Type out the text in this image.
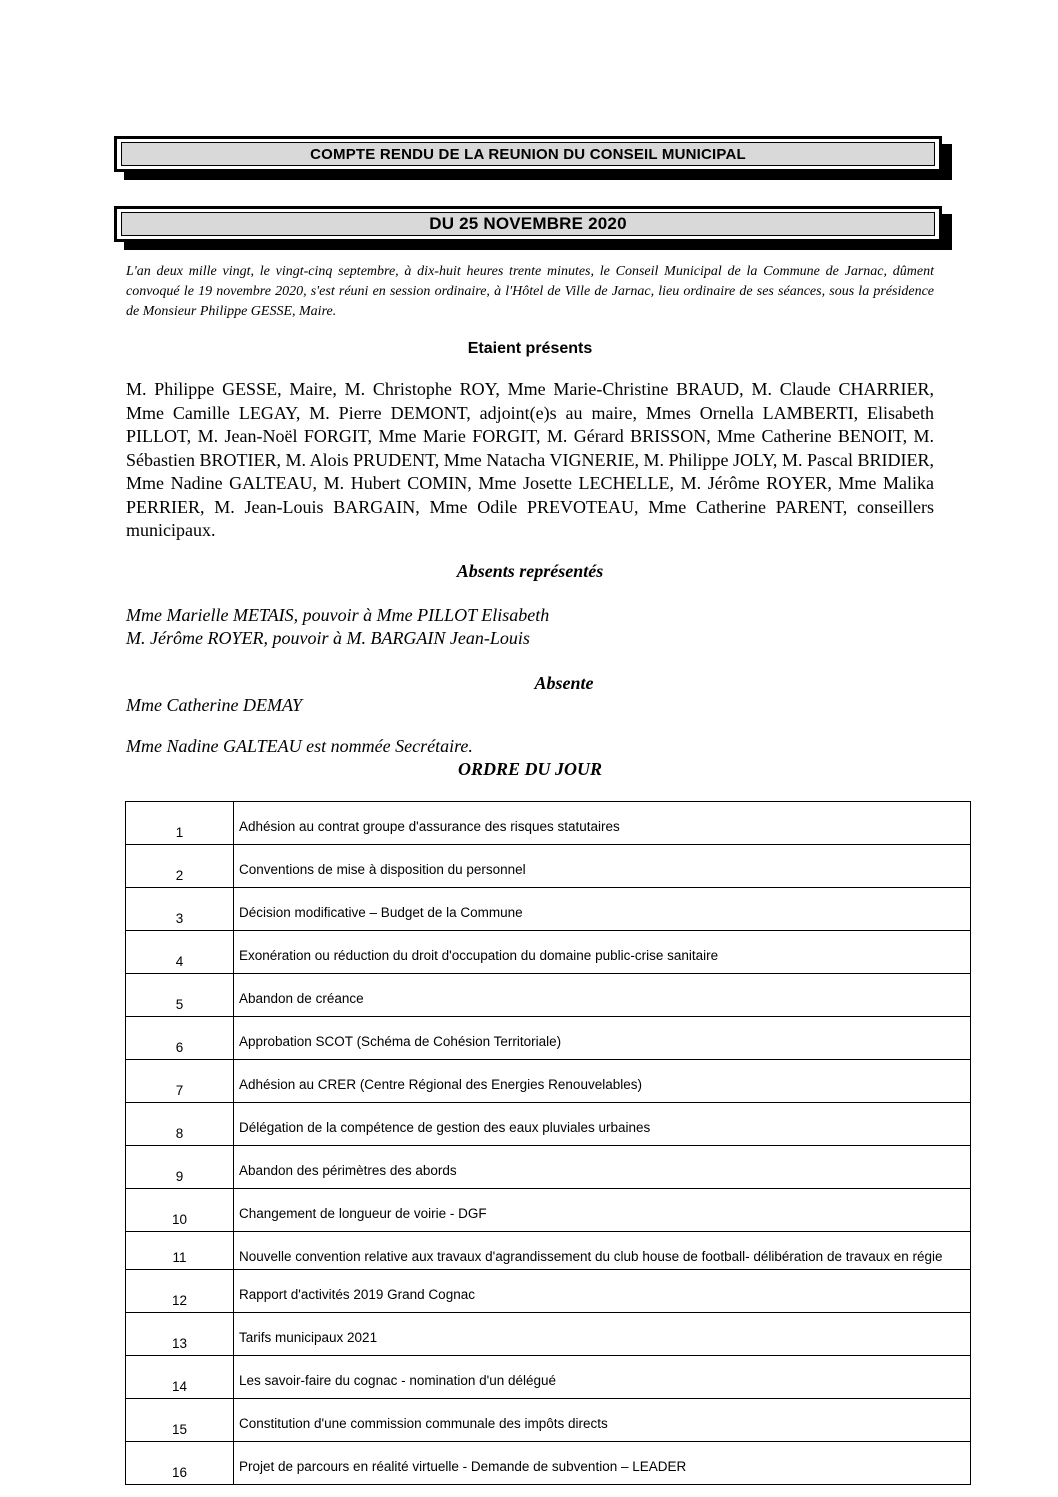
COMPTE RENDU DE LA REUNION DU CONSEIL MUNICIPAL
DU 25 NOVEMBRE 2020
L'an deux mille vingt, le vingt-cinq septembre, à dix-huit heures trente minutes, le Conseil Municipal de la Commune de Jarnac, dûment convoqué le 19 novembre 2020, s'est réuni en session ordinaire, à l'Hôtel de Ville de Jarnac, lieu ordinaire de ses séances, sous la présidence de Monsieur Philippe GESSE, Maire.
Etaient présents
M. Philippe GESSE, Maire, M. Christophe ROY, Mme Marie-Christine BRAUD, M. Claude CHARRIER, Mme Camille LEGAY, M. Pierre DEMONT, adjoint(e)s au maire, Mmes Ornella LAMBERTI, Elisabeth PILLOT, M. Jean-Noël FORGIT, Mme Marie FORGIT, M. Gérard BRISSON, Mme Catherine BENOIT, M. Sébastien BROTIER, M. Alois PRUDENT, Mme Natacha VIGNERIE, M. Philippe JOLY, M. Pascal BRIDIER, Mme Nadine GALTEAU, M. Hubert COMIN, Mme Josette LECHELLE, M. Jérôme ROYER, Mme Malika PERRIER, M. Jean-Louis BARGAIN, Mme Odile PREVOTEAU, Mme Catherine PARENT, conseillers municipaux.
Absents représentés
Mme Marielle METAIS, pouvoir à Mme PILLOT Elisabeth
M. Jérôme ROYER, pouvoir à M. BARGAIN Jean-Louis
Absente
Mme Catherine DEMAY
Mme Nadine GALTEAU est nommée Secrétaire.
ORDRE DU JOUR
1	Adhésion au contrat groupe d'assurance des risques statutaires
2	Conventions de mise à disposition du personnel
3	Décision modificative – Budget de la Commune
4	Exonération ou réduction du droit d'occupation du domaine public-crise sanitaire
5	Abandon de créance
6	Approbation SCOT (Schéma de Cohésion Territoriale)
7	Adhésion au CRER (Centre Régional des Energies Renouvelables)
8	Délégation de la compétence de gestion des eaux pluviales urbaines
9	Abandon des périmètres des abords
10	Changement de longueur de voirie - DGF
11	Nouvelle convention relative aux travaux d'agrandissement du club house de football- délibération de travaux en régie
12	Rapport d'activités 2019 Grand Cognac
13	Tarifs municipaux 2021
14	Les savoir-faire du cognac - nomination d'un délégué
15	Constitution d'une commission communale des impôts directs
16	Projet de parcours en réalité virtuelle - Demande de subvention – LEADER
